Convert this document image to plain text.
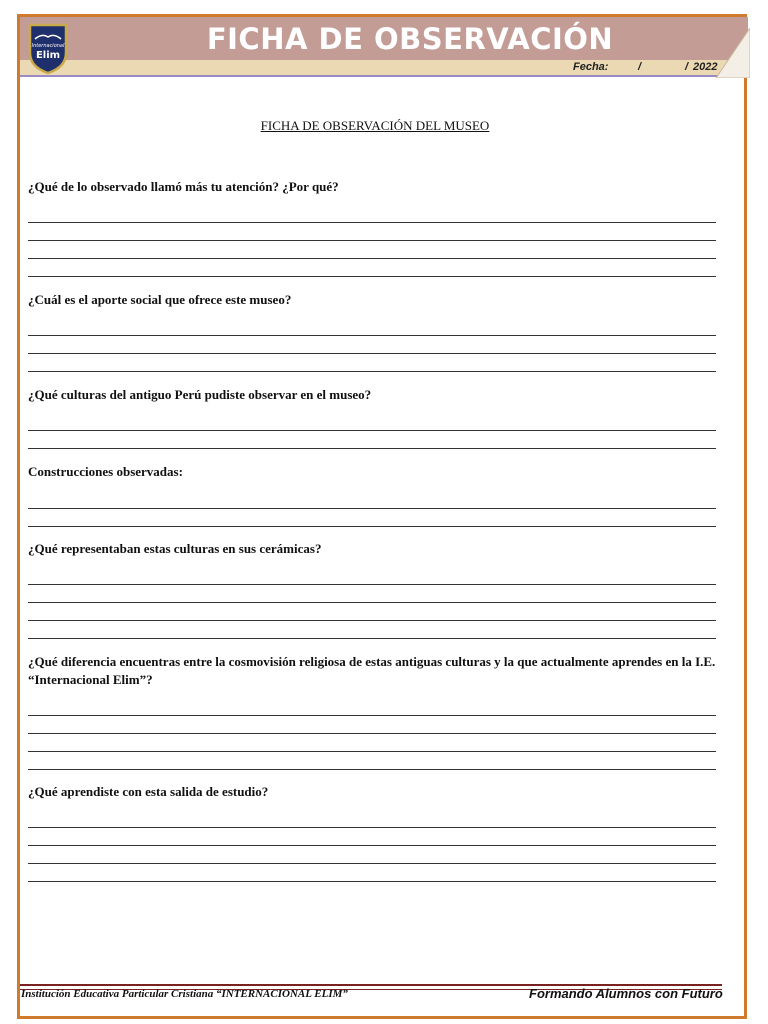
Internacional
Elim	FICHA DE OBSERVACIÓN
Fecha:	/	/ 2022
FICHA DE OBSERVACIÓN DEL MUSEO
¿Qué de lo observado llamó más tu atención? ¿Por qué?
¿Cuál es el aporte social que ofrece este museo?
¿Qué culturas del antiguo Perú pudiste observar en el museo?
Construcciones observadas:
¿Qué representaban estas culturas en sus cerámicas?
¿Qué diferencia encuentras entre la cosmovisión religiosa de estas antiguas culturas y la que actualmente aprendes en la I.E. “Internacional Elim”?
¿Qué aprendiste con esta salida de estudio?
Institución Educativa Particular Cristiana “INTERNACIONAL ELIM”	Formando Alumnos con Futuro
